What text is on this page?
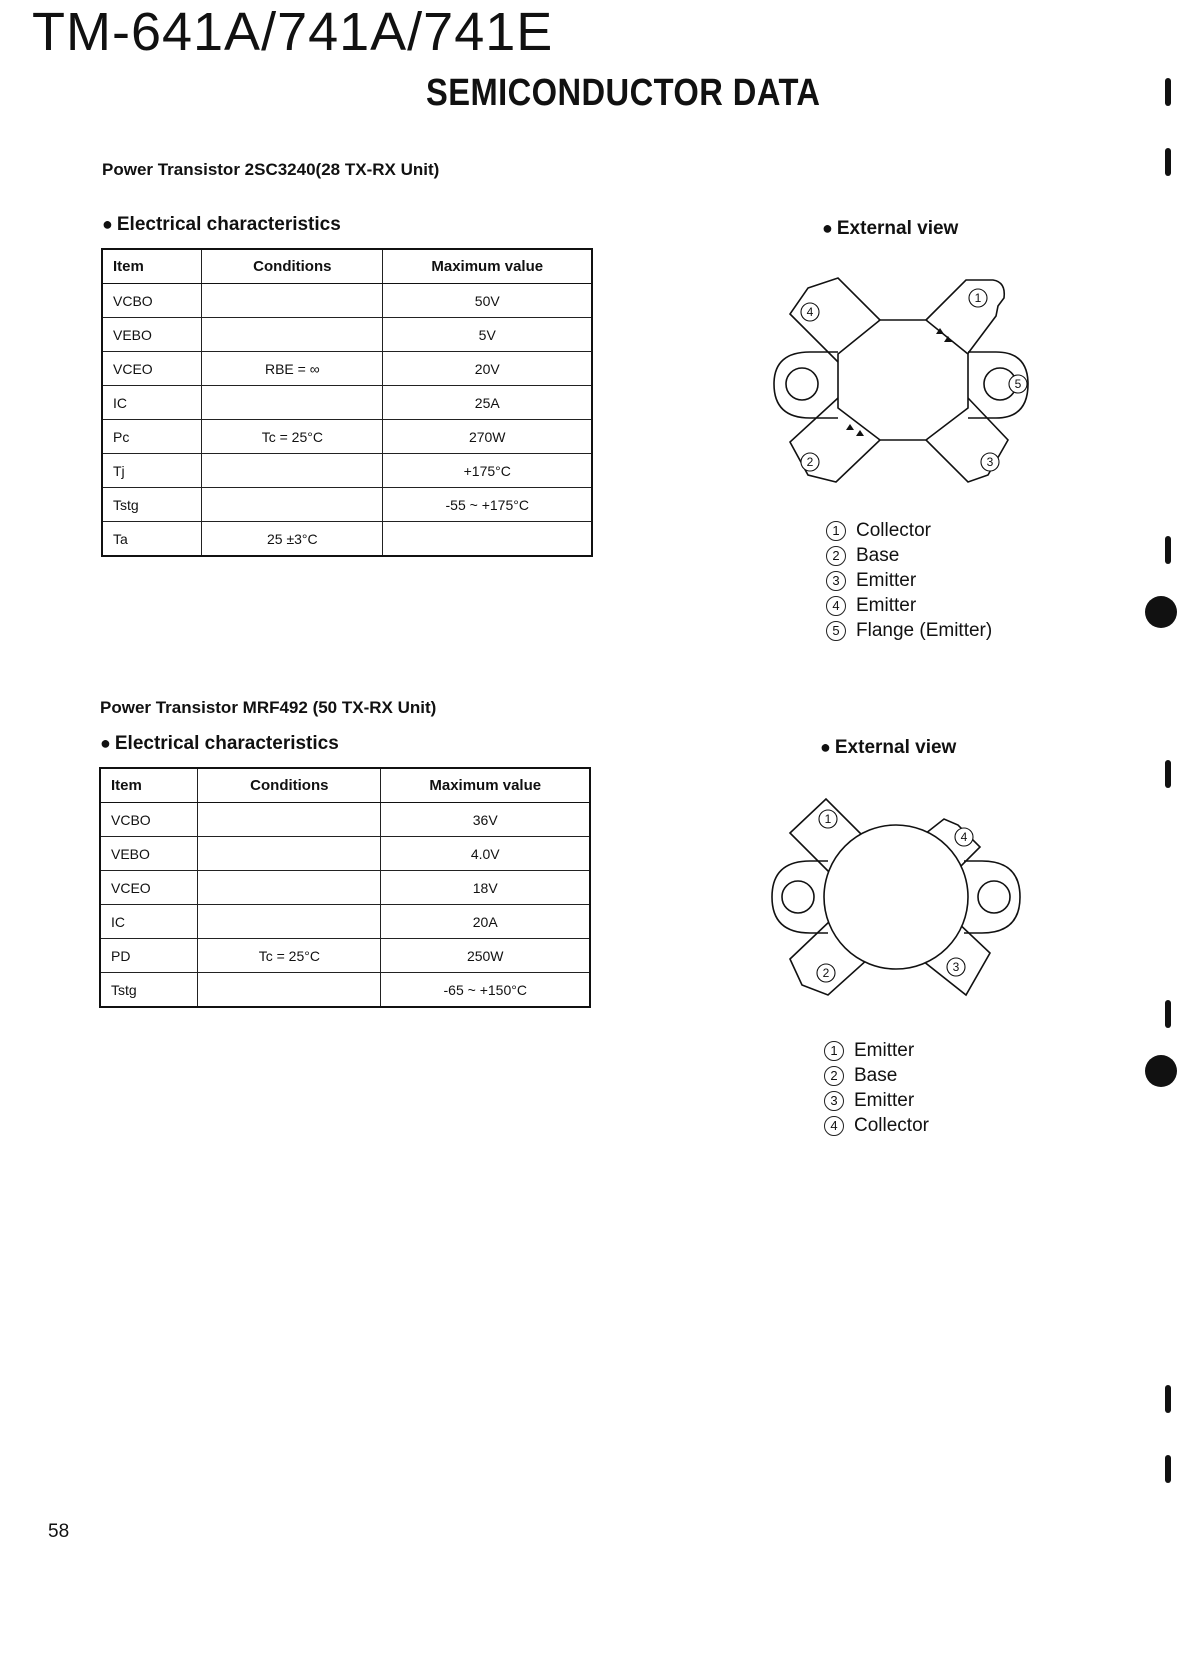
TM-641A/741A/741E
SEMICONDUCTOR DATA
Power Transistor 2SC3240(28 TX-RX Unit)
● Electrical characteristics	● External view
Item	Conditions	Maximum value
VCBO		50V
VEBO		5V
VCEO	RBE = ∞	20V
IC		25A
Pc	Tc = 25°C	270W
Tj		+175°C
Tstg		-55 ~ +175°C
Ta	25 ±3°C	
4
1
2	3
5
1 Collector
2 Base
3 Emitter
4 Emitter
5 Flange (Emitter)
Power Transistor MRF492 (50 TX-RX Unit)
● Electrical characteristics	● External view
Item	Conditions	Maximum value
VCBO		36V
VEBO		4.0V
VCEO		18V
IC		20A
PD	Tc = 25°C	250W
Tstg		-65 ~ +150°C
1
4
2	3
1 Emitter
2 Base
3 Emitter
4 Collector
58
